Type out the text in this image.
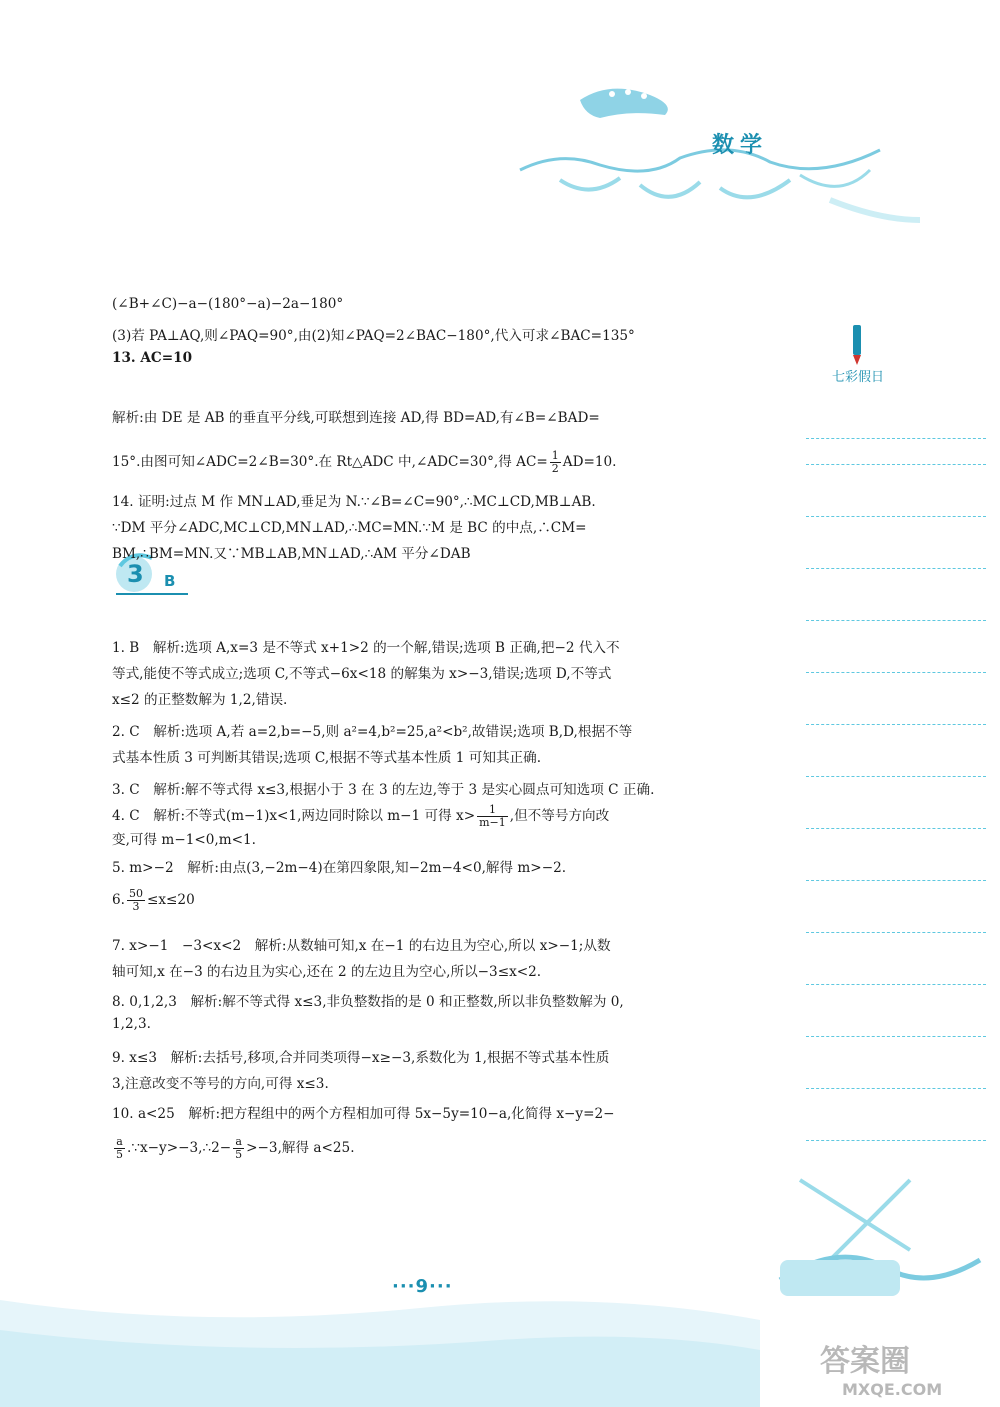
数学
七彩假日
3 B
(∠B+∠C)−a−(180°−a)−2a−180°
(3)若 PA⊥AQ,则∠PAQ=90°,由(2)知∠PAQ=2∠BAC−180°,代入可求∠BAC=135°
13. AC=10
解析:由 DE 是 AB 的垂直平分线,可联想到连接 AD,得 BD=AD,有∠B=∠BAD=
15°.由图可知∠ADC=2∠B=30°.在 Rt△ADC 中,∠ADC=30°,得 $AC= \frac{1}{2} AD=10$.
14. 证明:过点 M 作 MN⊥AD,垂足为 N.∵∠B=∠C=90°,∴MC⊥CD,MB⊥AB.
∵DM 平分∠ADC,MC⊥CD,MN⊥AD,∴MC=MN.∵M 是 BC 的中点,∴CM=
BM,∴BM=MN.又∵MB⊥AB,MN⊥AD,∴AM 平分∠DAB
1. B　解析:选项 A,x=3 是不等式 x+1>2 的一个解,错误;选项 B 正确,把−2 代入不
等式,能使不等式成立;选项 C,不等式−6x<18 的解集为 x>−3,错误;选项 D,不等式
x≤2 的正整数解为 1,2,错误.
2. C　解析:选项 A,若 a=2,b=−5,则 a²=4,b²=25,a²<b²,故错误;选项 B,D,根据不等
式基本性质 3 可判断其错误;选项 C,根据不等式基本性质 1 可知其正确.
3. C　解析:解不等式得 x≤3,根据小于 3 在 3 的左边,等于 3 是实心圆点可知选项 C 正确.
4. C　解析:不等式(m−1)x<1,两边同时除以 m−1 可得 $x> \frac{1}{m-1}$ ,但不等号方向改
变,可得 m−1<0,m<1.
5. m>−2　解析:由点(3,−2m−4)在第四象限,知−2m−4<0,解得 m>−2.
6. $\frac{50}{3} \le x\le 20$
7. x>−1　−3<x<2　解析:从数轴可知,x 在−1 的右边且为空心,所以 x>−1;从数
轴可知,x 在−3 的右边且为实心,还在 2 的左边且为空心,所以−3≤x<2.
8. 0,1,2,3　解析:解不等式得 x≤3,非负整数指的是 0 和正整数,所以非负整数解为 0,
1,2,3.
9. x≤3　解析:去括号,移项,合并同类项得−x≥−3,系数化为 1,根据不等式基本性质
3,注意改变不等号的方向,可得 x≤3.
10. a<25　解析:把方程组中的两个方程相加可得 5x−5y=10−a,化简得 x−y=2−
$\frac{a}{5}$ .∵x−y>−3,∴2− $\frac{a}{5} >-3$,解得 a<25.
···9···
答案圈
MXQE.COM
